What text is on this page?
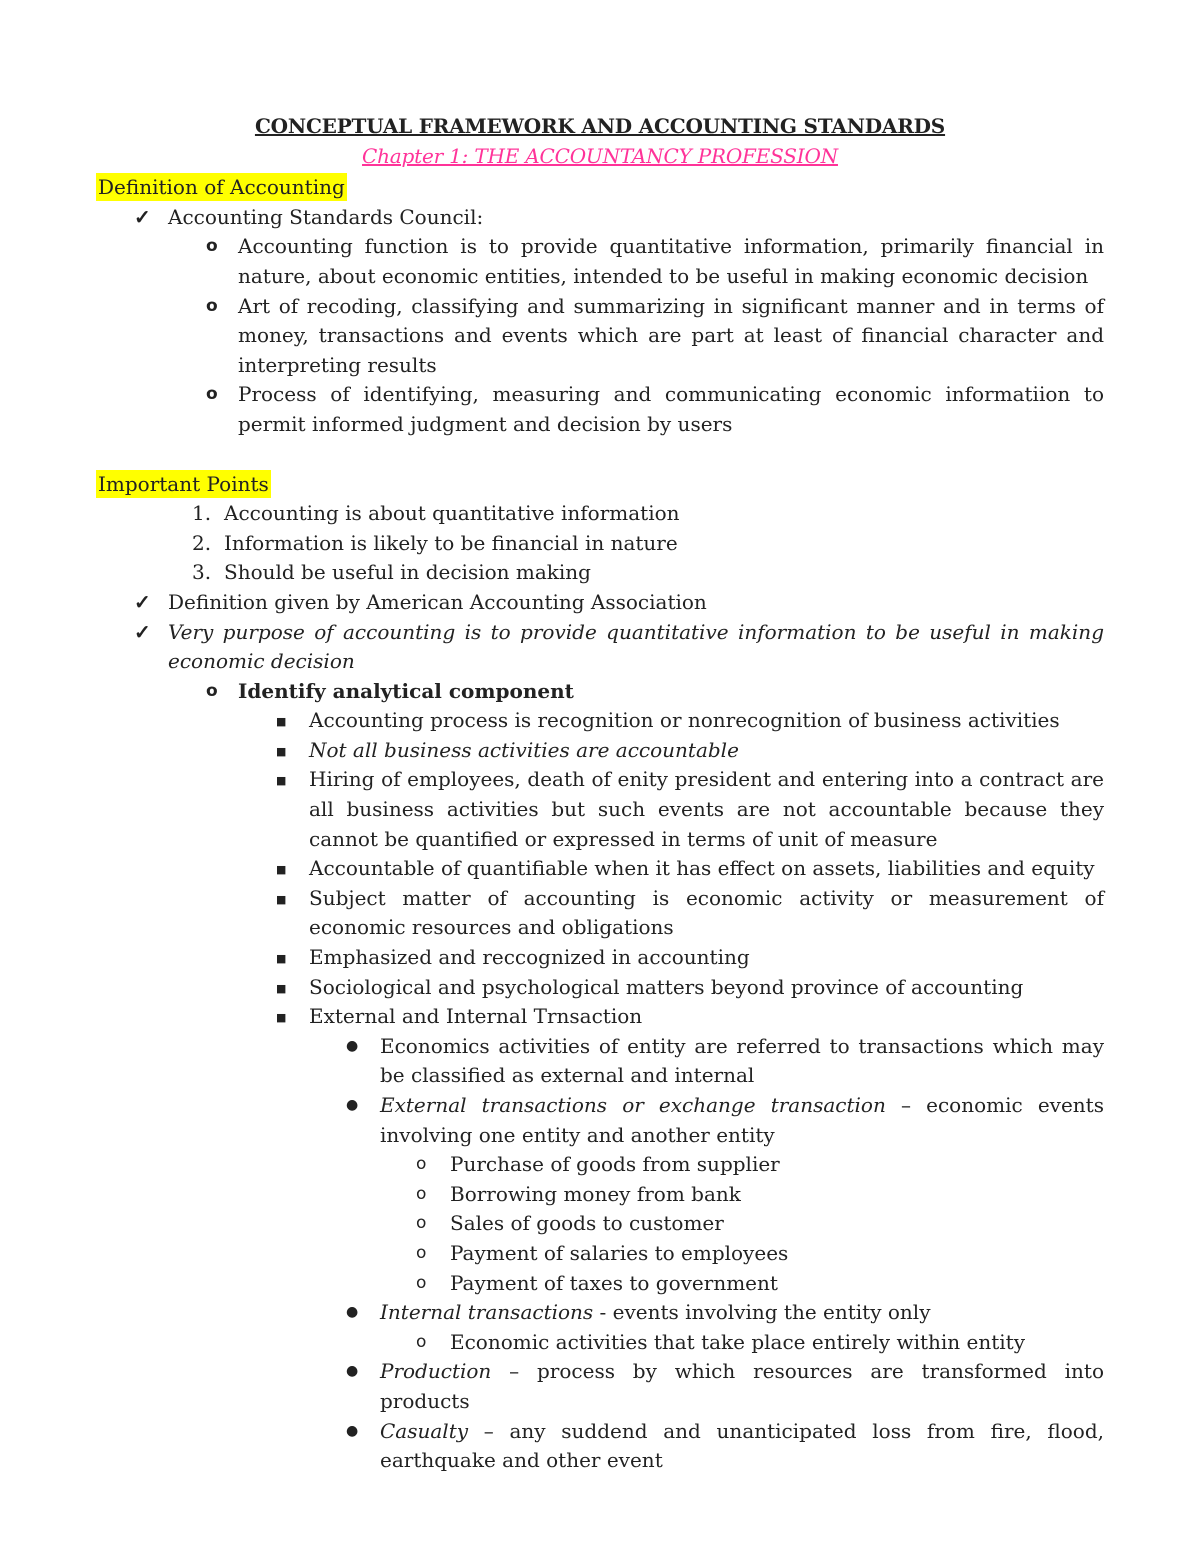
CONCEPTUAL FRAMEWORK AND ACCOUNTING STANDARDS

Chapter 1: THE ACCOUNTANCY PROFESSION

Definition of Accounting

✓ Accounting Standards Council:
o Accounting function is to provide quantitative information, primarily financial in nature, about economic entities, intended to be useful in making economic decision
o Art of recoding, classifying and summarizing in significant manner and in terms of money, transactions and events which are part at least of financial character and interpreting results
o Process of identifying, measuring and communicating economic informatiion to permit informed judgment and decision by users

Important Points

1. Accounting is about quantitative information
2. Information is likely to be financial in nature
3. Should be useful in decision making
✓ Definition given by American Accounting Association
✓ Very purpose of accounting is to provide quantitative information to be useful in making economic decision
o Identify analytical component
■ Accounting process is recognition or nonrecognition of business activities
■ Not all business activities are accountable
■ Hiring of employees, death of enity president and entering into a contract are all business activities but such events are not accountable because they cannot be quantified or expressed in terms of unit of measure
■ Accountable of quantifiable when it has effect on assets, liabilities and equity
■ Subject matter of accounting is economic activity or measurement of economic resources and obligations
■ Emphasized and reccognized in accounting
■ Sociological and psychological matters beyond province of accounting
■ External and Internal Trnsaction
● Economics activities of entity are referred to transactions which may be classified as external and internal
● External transactions or exchange transaction – economic events involving one entity and another entity
o Purchase of goods from supplier
o Borrowing money from bank
o Sales of goods to customer
o Payment of salaries to employees
o Payment of taxes to government
● Internal transactions - events involving the entity only
o Economic activities that take place entirely within entity
● Production – process by which resources are transformed into products
● Casualty – any suddend and unanticipated loss from fire, flood, earthquake and other event
